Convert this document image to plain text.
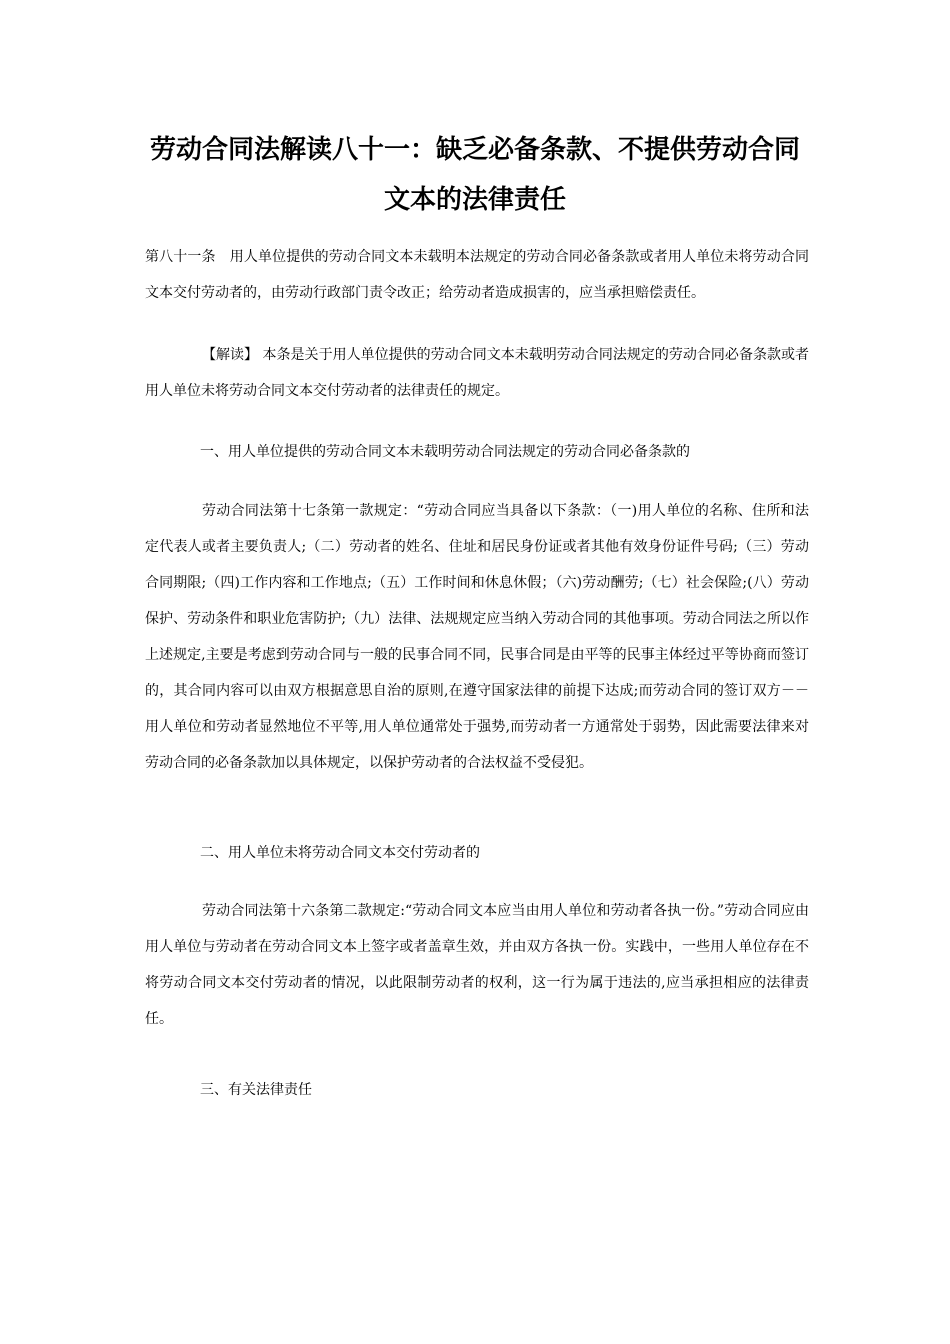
劳动合同法解读八十一：缺乏必备条款、不提供劳动合同
文本的法律责任
第八十一条　用人单位提供的劳动合同文本未载明本法规定的劳动合同必备条款或者用人单位未将劳动合同文本交付劳动者的，由劳动行政部门责令改正；给劳动者造成损害的，应当承担赔偿责任。
【解读】 本条是关于用人单位提供的劳动合同文本未载明劳动合同法规定的劳动合同必备条款或者用人单位未将劳动合同文本交付劳动者的法律责任的规定。
一、用人单位提供的劳动合同文本未载明劳动合同法规定的劳动合同必备条款的
劳动合同法第十七条第一款规定：“劳动合同应当具备以下条款：（一)用人单位的名称、住所和法定代表人或者主要负责人;（二）劳动者的姓名、住址和居民身份证或者其他有效身份证件号码;（三）劳动合同期限;（四)工作内容和工作地点;（五）工作时间和休息休假；（六)劳动酬劳;（七）社会保险;(八）劳动保护、劳动条件和职业危害防护;（九）法律、法规规定应当纳入劳动合同的其他事项。劳动合同法之所以作上述规定,主要是考虑到劳动合同与一般的民事合同不同，民事合同是由平等的民事主体经过平等协商而签订的，其合同内容可以由双方根据意思自治的原则,在遵守国家法律的前提下达成;而劳动合同的签订双方－－用人单位和劳动者显然地位不平等,用人单位通常处于强势,而劳动者一方通常处于弱势，因此需要法律来对劳动合同的必备条款加以具体规定，以保护劳动者的合法权益不受侵犯。
二、用人单位未将劳动合同文本交付劳动者的
劳动合同法第十六条第二款规定:“劳动合同文本应当由用人单位和劳动者各执一份。”劳动合同应由用人单位与劳动者在劳动合同文本上签字或者盖章生效，并由双方各执一份。实践中，一些用人单位存在不将劳动合同文本交付劳动者的情况，以此限制劳动者的权利，这一行为属于违法的,应当承担相应的法律责任。
三、有关法律责任
